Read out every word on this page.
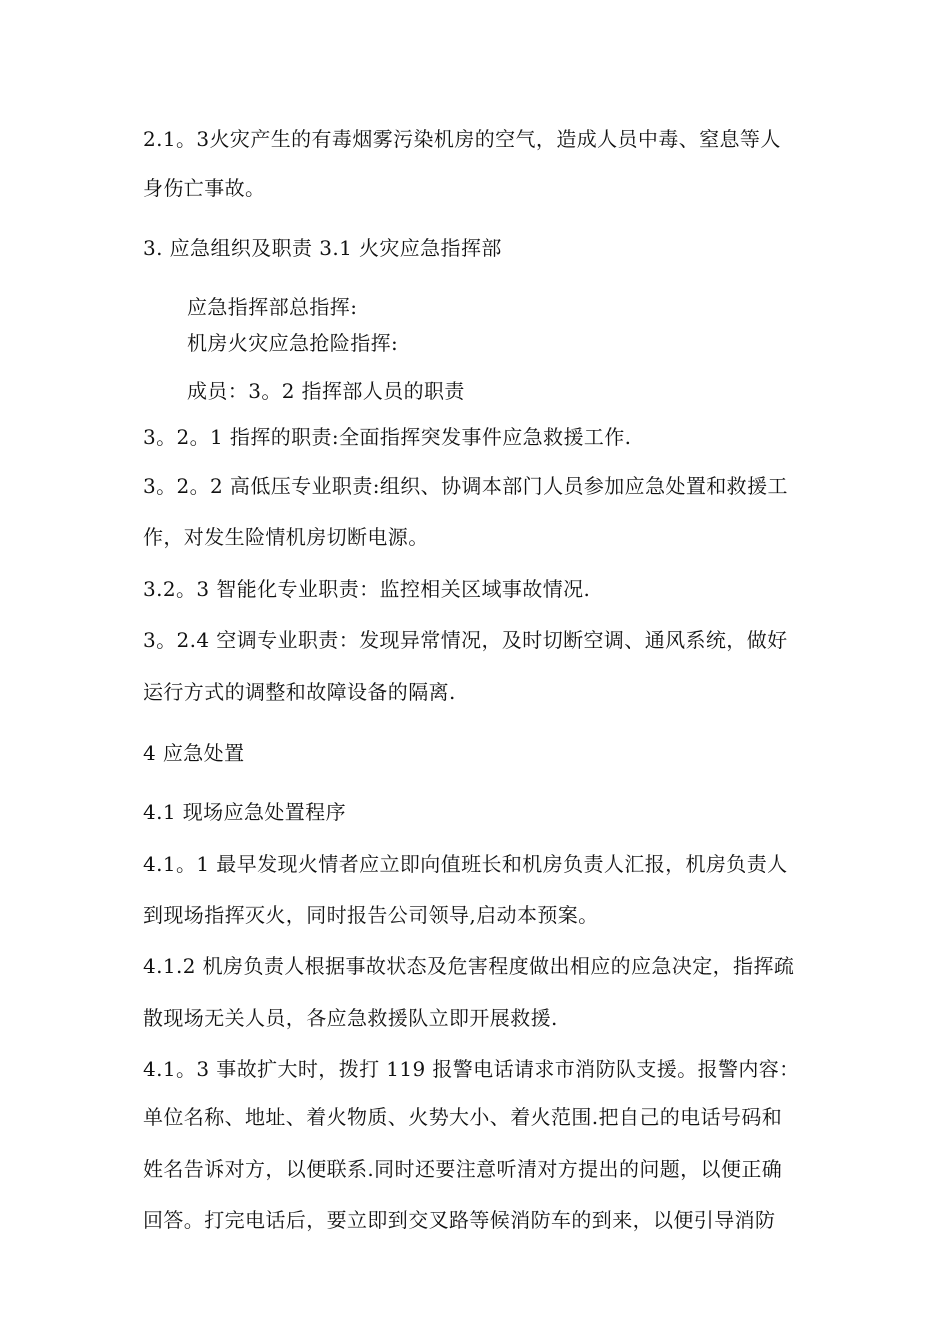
2.1。3火灾产生的有毒烟雾污染机房的空气，造成人员中毒、窒息等人

身伤亡事故。

3. 应急组织及职责 3.1 火灾应急指挥部

应急指挥部总指挥:

机房火灾应急抢险指挥:

成员：3。2 指挥部人员的职责

3。2。1 指挥的职责:全面指挥突发事件应急救援工作.

3。2。2 高低压专业职责:组织、协调本部门人员参加应急处置和救援工

作，对发生险情机房切断电源。

3.2。3 智能化专业职责：监控相关区域事故情况.

3。2.4 空调专业职责：发现异常情况，及时切断空调、通风系统，做好

运行方式的调整和故障设备的隔离.

4 应急处置

4.1 现场应急处置程序

4.1。1 最早发现火情者应立即向值班长和机房负责人汇报，机房负责人

到现场指挥灭火，同时报告公司领导,启动本预案。

4.1.2 机房负责人根据事故状态及危害程度做出相应的应急决定，指挥疏

散现场无关人员，各应急救援队立即开展救援.

4.1。3 事故扩大时，拨打 119 报警电话请求市消防队支援。报警内容：

单位名称、地址、着火物质、火势大小、着火范围.把自己的电话号码和

姓名告诉对方，以便联系.同时还要注意听清对方提出的问题，以便正确

回答。打完电话后，要立即到交叉路等候消防车的到来，以便引导消防
